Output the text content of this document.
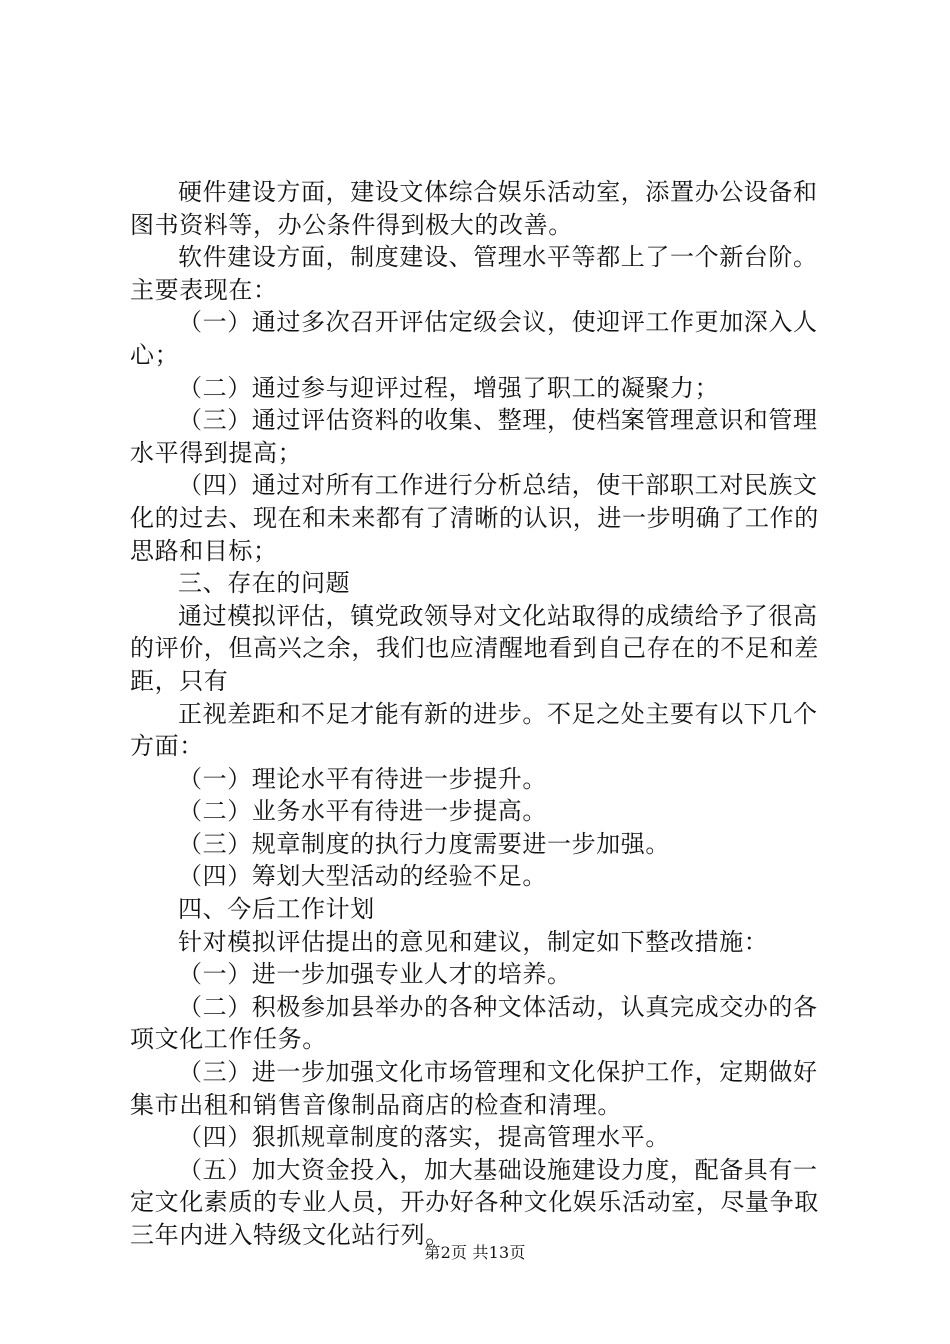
硬件建设方面，建设文体综合娱乐活动室，添置办公设备和图书资料等，办公条件得到极大的改善。

软件建设方面，制度建设、管理水平等都上了一个新台阶。主要表现在：

（一）通过多次召开评估定级会议，使迎评工作更加深入人心；

（二）通过参与迎评过程，增强了职工的凝聚力；

（三）通过评估资料的收集、整理，使档案管理意识和管理水平得到提高；

（四）通过对所有工作进行分析总结，使干部职工对民族文化的过去、现在和未来都有了清晰的认识，进一步明确了工作的思路和目标；

三、存在的问题

通过模拟评估，镇党政领导对文化站取得的成绩给予了很高的评价，但高兴之余，我们也应清醒地看到自己存在的不足和差距，只有

正视差距和不足才能有新的进步。不足之处主要有以下几个方面：

（一）理论水平有待进一步提升。

（二）业务水平有待进一步提高。

（三）规章制度的执行力度需要进一步加强。

（四）筹划大型活动的经验不足。

四、今后工作计划

针对模拟评估提出的意见和建议，制定如下整改措施：

（一）进一步加强专业人才的培养。

（二）积极参加县举办的各种文体活动，认真完成交办的各项文化工作任务。

（三）进一步加强文化市场管理和文化保护工作，定期做好集市出租和销售音像制品商店的检查和清理。

（四）狠抓规章制度的落实，提高管理水平。

（五）加大资金投入，加大基础设施建设力度，配备具有一定文化素质的专业人员，开办好各种文化娱乐活动室，尽量争取三年内进入特级文化站行列。

第2页 共13页
